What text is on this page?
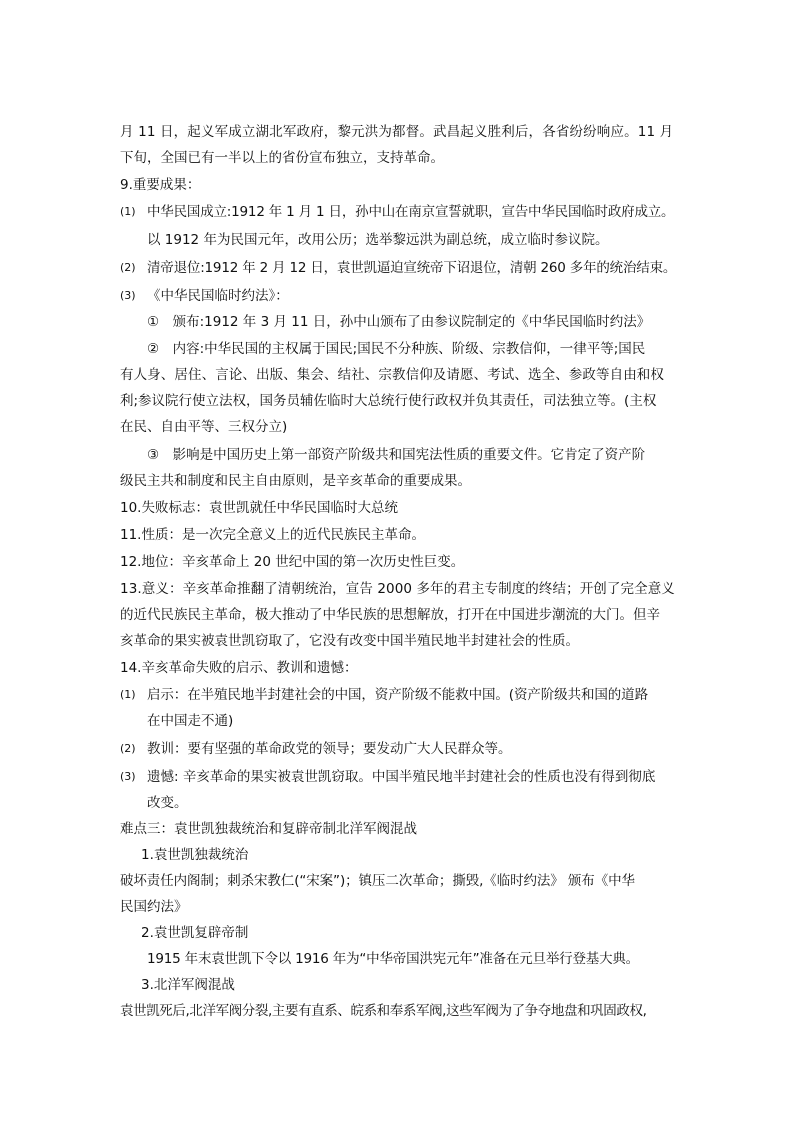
月 11 日，起义军成立湖北军政府，黎元洪为都督。武昌起义胜利后，各省纷纷响应。11 月
下旬，全国已有一半以上的省份宣布独立，支持革命。
9.重要成果：
(1) 中华民国成立:1912 年 1 月 1 日，孙中山在南京宣誓就职，宣告中华民国临时政府成立。
以 1912 年为民国元年，改用公历；选举黎远洪为副总统，成立临时参议院。
(2) 清帝退位:1912 年 2 月 12 日，袁世凯逼迫宣统帝下诏退位，清朝 260 多年的统治结束。
(3) 《中华民国临时约法》：
①　颁布:1912 年 3 月 11 日，孙中山颁布了由参议院制定的《中华民国临时约法》
②　内容:中华民国的主权属于国民;国民不分种族、阶级、宗教信仰，一律平等;国民
有人身、居住、言论、出版、集会、结社、宗教信仰及请愿、考试、选全、参政等自由和权
利;参议院行使立法权，国务员辅佐临时大总统行使行政权并负其责任，司法独立等。(主权
在民、自由平等、三权分立)
③　影响是中国历史上第一部资产阶级共和国宪法性质的重要文件。它肯定了资产阶
级民主共和制度和民主自由原则，是辛亥革命的重要成果。
10.失败标志：袁世凯就任中华民国临时大总统
11.性质：是一次完全意义上的近代民族民主革命。
12.地位：辛亥革命上 20 世纪中国的第一次历史性巨变。
13.意义：辛亥革命推翻了清朝统治，宣告 2000 多年的君主专制度的终结；开创了完全意义
的近代民族民主革命，极大推动了中华民族的思想解放，打开在中国进步潮流的大门。但辛
亥革命的果实被袁世凯窃取了，它没有改变中国半殖民地半封建社会的性质。
14.辛亥革命失败的启示、教训和遗憾：
(1) 启示：在半殖民地半封建社会的中国，资产阶级不能救中国。(资产阶级共和国的道路
在中国走不通)
(2) 教训：要有坚强的革命政党的领导；要发动广大人民群众等。
(3) 遗憾: 辛亥革命的果实被袁世凯窃取。中国半殖民地半封建社会的性质也没有得到彻底
改变。
难点三：袁世凯独裁统治和复辟帝制北洋军阀混战
1.袁世凯独裁统治
破坏责任内阁制；刺杀宋教仁(“宋案”)；镇压二次革命；撕毁,《临时约法》 颁布《中华
民国约法》
2.袁世凯复辟帝制
1915 年末袁世凯下令以 1916 年为“中华帝国洪宪元年”准备在元旦举行登基大典。
3.北洋军阀混战
袁世凯死后,北洋军阀分裂,主要有直系、皖系和奉系军阀,这些军阀为了争夺地盘和巩固政权,
